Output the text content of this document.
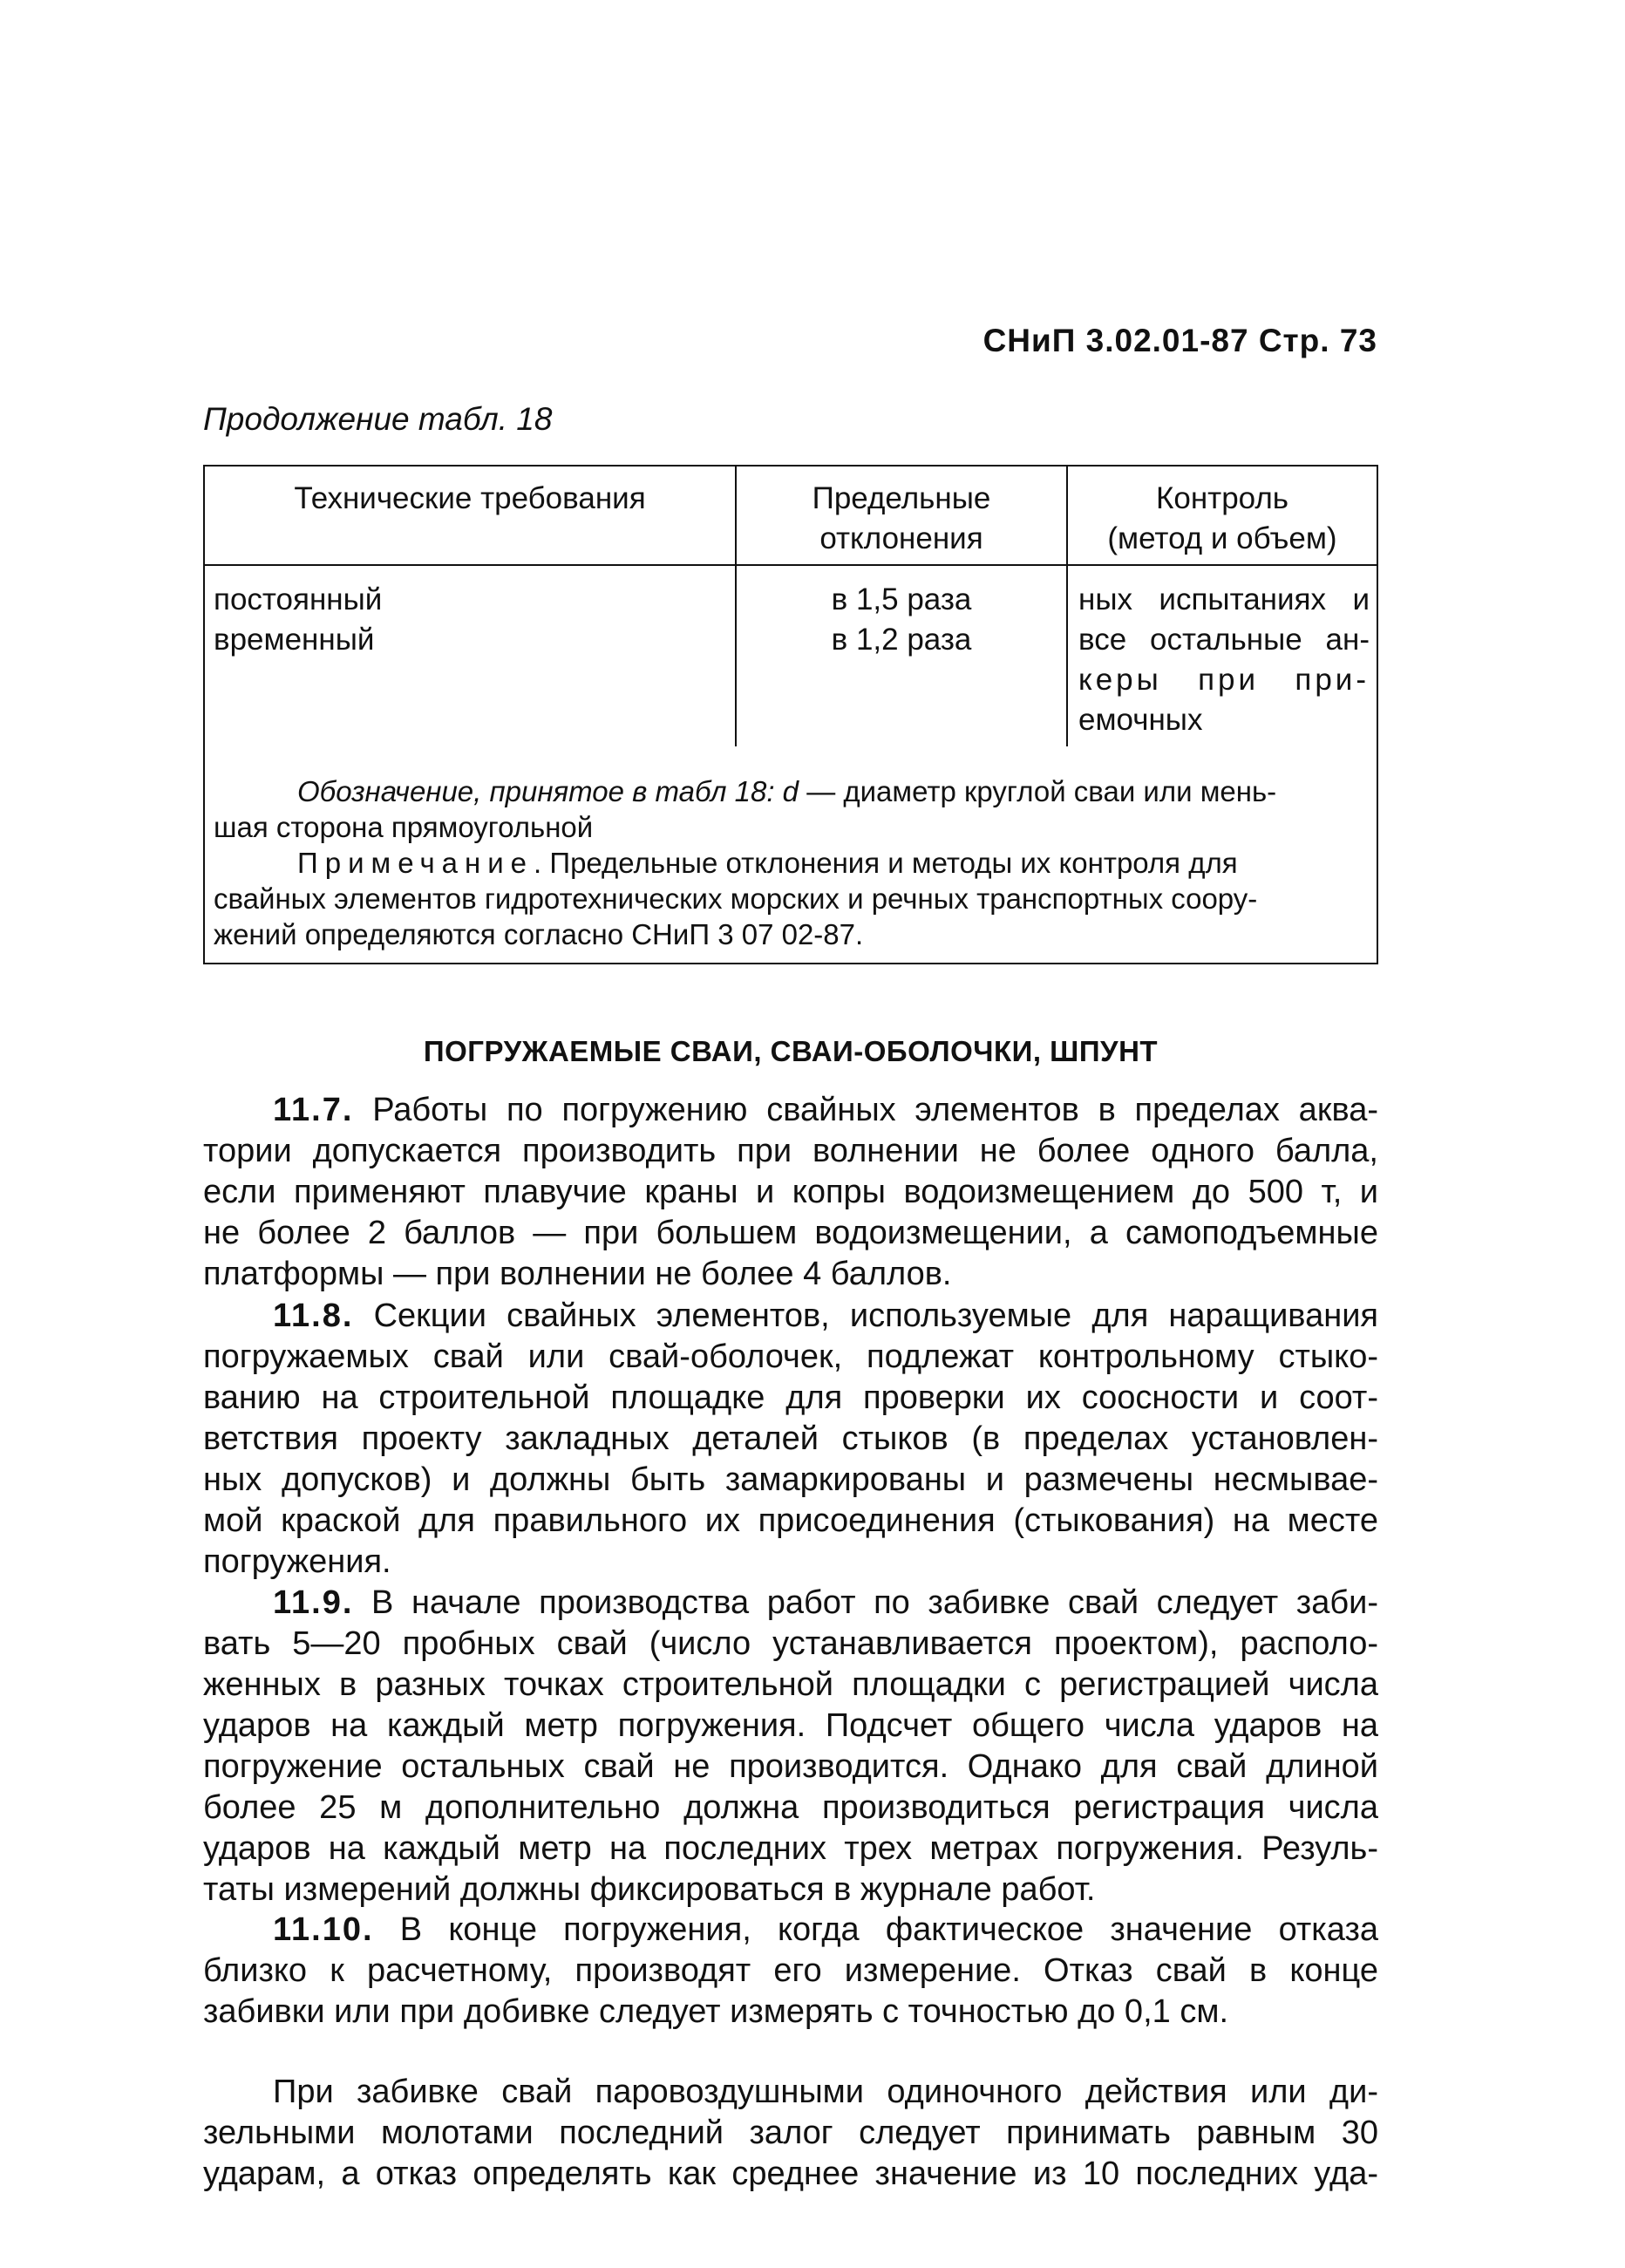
СНиП 3.02.01-87 Стр. 73
Продолжение табл. 18
Технические требования	Предельные
отклонения
Контроль
(метод и объем)
постоянный
временный
в 1,5 раза
в 1,2 раза
ных испытаниях и
все остальные ан-
керы при при-
емочных
Обозначение, принятое в табл 18: d — диаметр круглой сваи или мень-
шая сторона прямоугольной
Примечание. Предельные отклонения и методы их контроля для
свайных элементов гидротехнических морских и речных транспортных соору-
жений определяются согласно СНиП 3 07 02-87.
ПОГРУЖАЕМЫЕ СВАИ, СВАИ-ОБОЛОЧКИ, ШПУНТ
11.7. Работы по погружению свайных элементов в пределах аква-
тории допускается производить при волнении не более одного балла,
если применяют плавучие краны и копры водоизмещением до 500 т, и
не более 2 баллов — при большем водоизмещении, а самоподъемные
платформы — при волнении не более 4 баллов.
11.8. Секции свайных элементов, используемые для наращивания
погружаемых свай или свай-оболочек, подлежат контрольному стыко-
ванию на строительной площадке для проверки их соосности и соот-
ветствия проекту закладных деталей стыков (в пределах установлен-
ных допусков) и должны быть замаркированы и размечены несмывае-
мой краской для правильного их присоединения (стыкования) на месте
погружения.
11.9. В начале производства работ по забивке свай следует заби-
вать 5—20 пробных свай (число устанавливается проектом), располо-
женных в разных точках строительной площадки с регистрацией числа
ударов на каждый метр погружения. Подсчет общего числа ударов на
погружение остальных свай не производится. Однако для свай длиной
более 25 м дополнительно должна производиться регистрация числа
ударов на каждый метр на последних трех метрах погружения. Резуль-
таты измерений должны фиксироваться в журнале работ.
11.10. В конце погружения, когда фактическое значение отказа
близко к расчетному, производят его измерение. Отказ свай в конце
забивки или при добивке следует измерять с точностью до 0,1 см.
При забивке свай паровоздушными одиночного действия или ди-
зельными молотами последний залог следует принимать равным 30
ударам, а отказ определять как среднее значение из 10 последних уда-
